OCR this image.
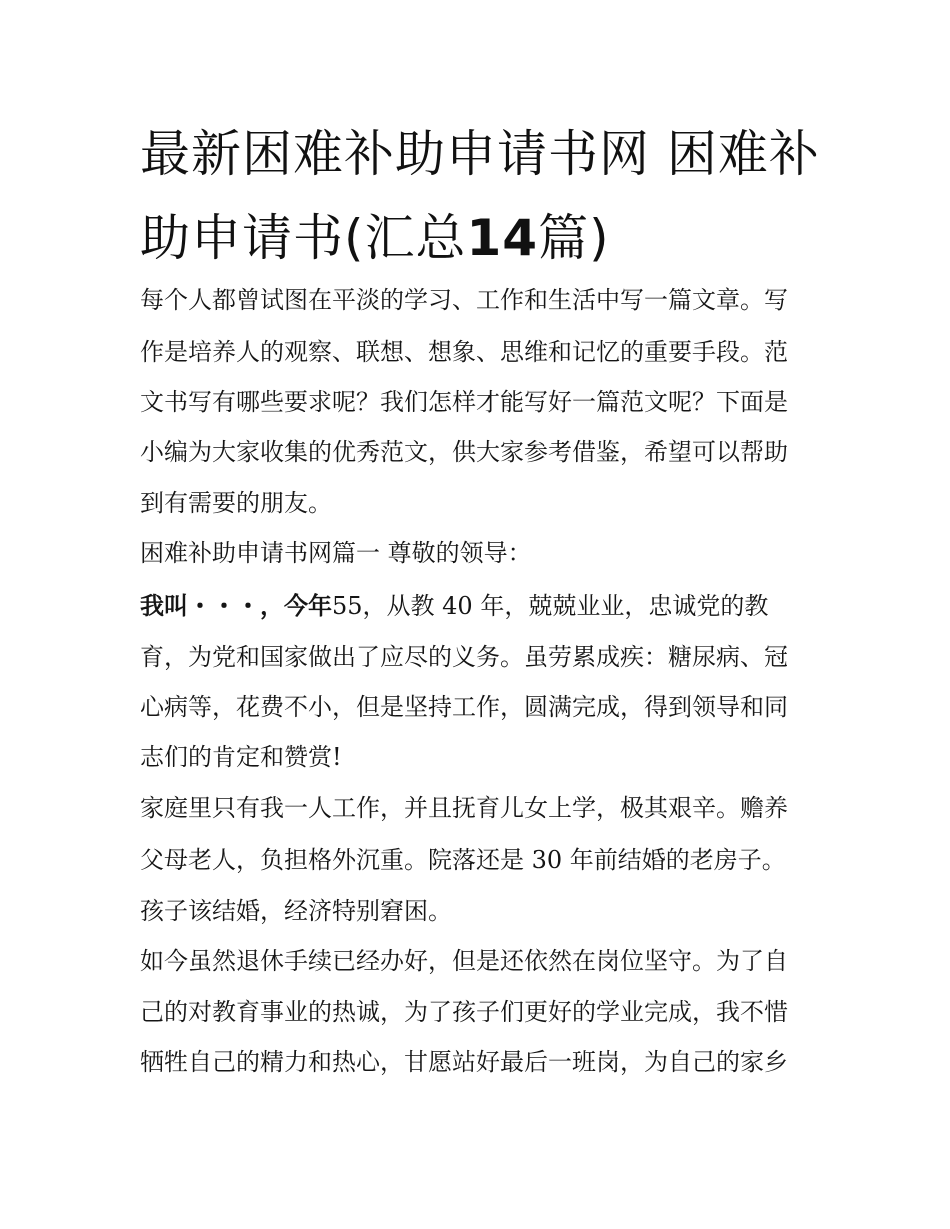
最新困难补助申请书网 困难补
助申请书(汇总14篇)

每个人都曾试图在平淡的学习、工作和生活中写一篇文章。写

作是培养人的观察、联想、想象、思维和记忆的重要手段。范

文书写有哪些要求呢？我们怎样才能写好一篇范文呢？下面是

小编为大家收集的优秀范文，供大家参考借鉴，希望可以帮助

到有需要的朋友。

困难补助申请书网篇一 尊敬的领导：

我叫・・・，今年55，从教 40 年，兢兢业业，忠诚党的教

育，为党和国家做出了应尽的义务。虽劳累成疾：糖尿病、冠

心病等，花费不小，但是坚持工作，圆满完成，得到领导和同

志们的肯定和赞赏!

家庭里只有我一人工作，并且抚育儿女上学，极其艰辛。赡养

父母老人，负担格外沉重。院落还是 30 年前结婚的老房子。

孩子该结婚，经济特别窘困。

如今虽然退休手续已经办好，但是还依然在岗位坚守。为了自

己的对教育事业的热诚，为了孩子们更好的学业完成，我不惜

牺牲自己的精力和热心，甘愿站好最后一班岗，为自己的家乡
